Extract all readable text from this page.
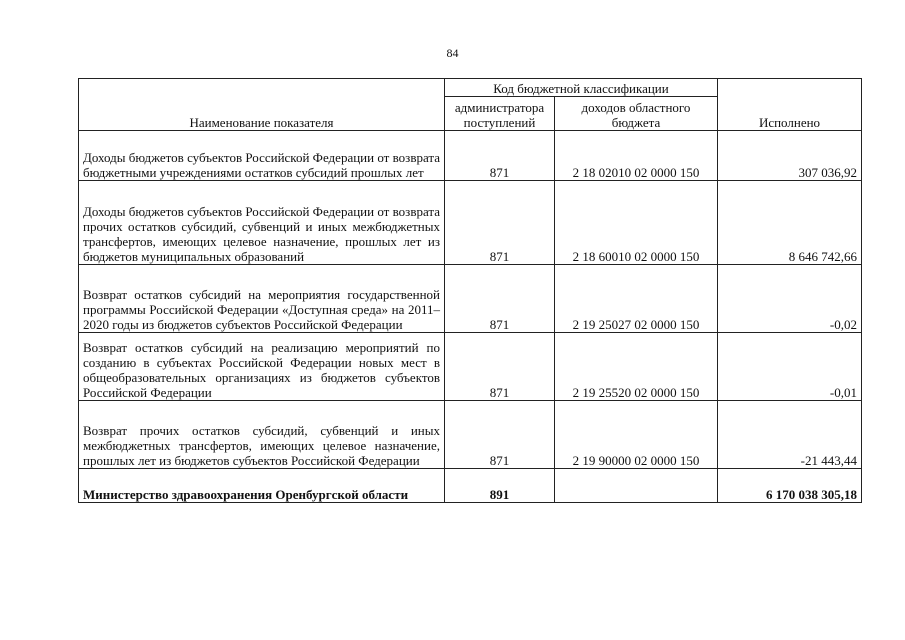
84
Наименование показателя	Код бюджетной классификации		Исполнено
	администратора поступлений	доходов областного бюджета	
Доходы бюджетов субъектов Российской Федерации от возврата бюджетными учреждениями остатков субсидий прошлых лет	871	2 18 02010 02 0000 150	307 036,92
Доходы бюджетов субъектов Российской Федерации от возврата прочих остатков субсидий, субвенций и иных межбюджетных трансфертов, имеющих целевое назначение, прошлых лет из бюджетов муниципальных образований	871	2 18 60010 02 0000 150	8 646 742,66
Возврат остатков субсидий на мероприятия государственной программы Российской Федерации «Доступная среда» на 2011–2020 годы из бюджетов субъектов Российской Федерации	871	2 19 25027 02 0000 150	-0,02
Возврат остатков субсидий на реализацию мероприятий по созданию в субъектах Российской Федерации новых мест в общеобразовательных организациях из бюджетов субъектов Российской Федерации	871	2 19 25520 02 0000 150	-0,01
Возврат прочих остатков субсидий, субвенций и иных межбюджетных трансфертов, имеющих целевое назначение, прошлых лет из бюджетов субъектов Российской Федерации	871	2 19 90000 02 0000 150	-21 443,44
Министерство здравоохранения Оренбургской области	891		6 170 038 305,18
